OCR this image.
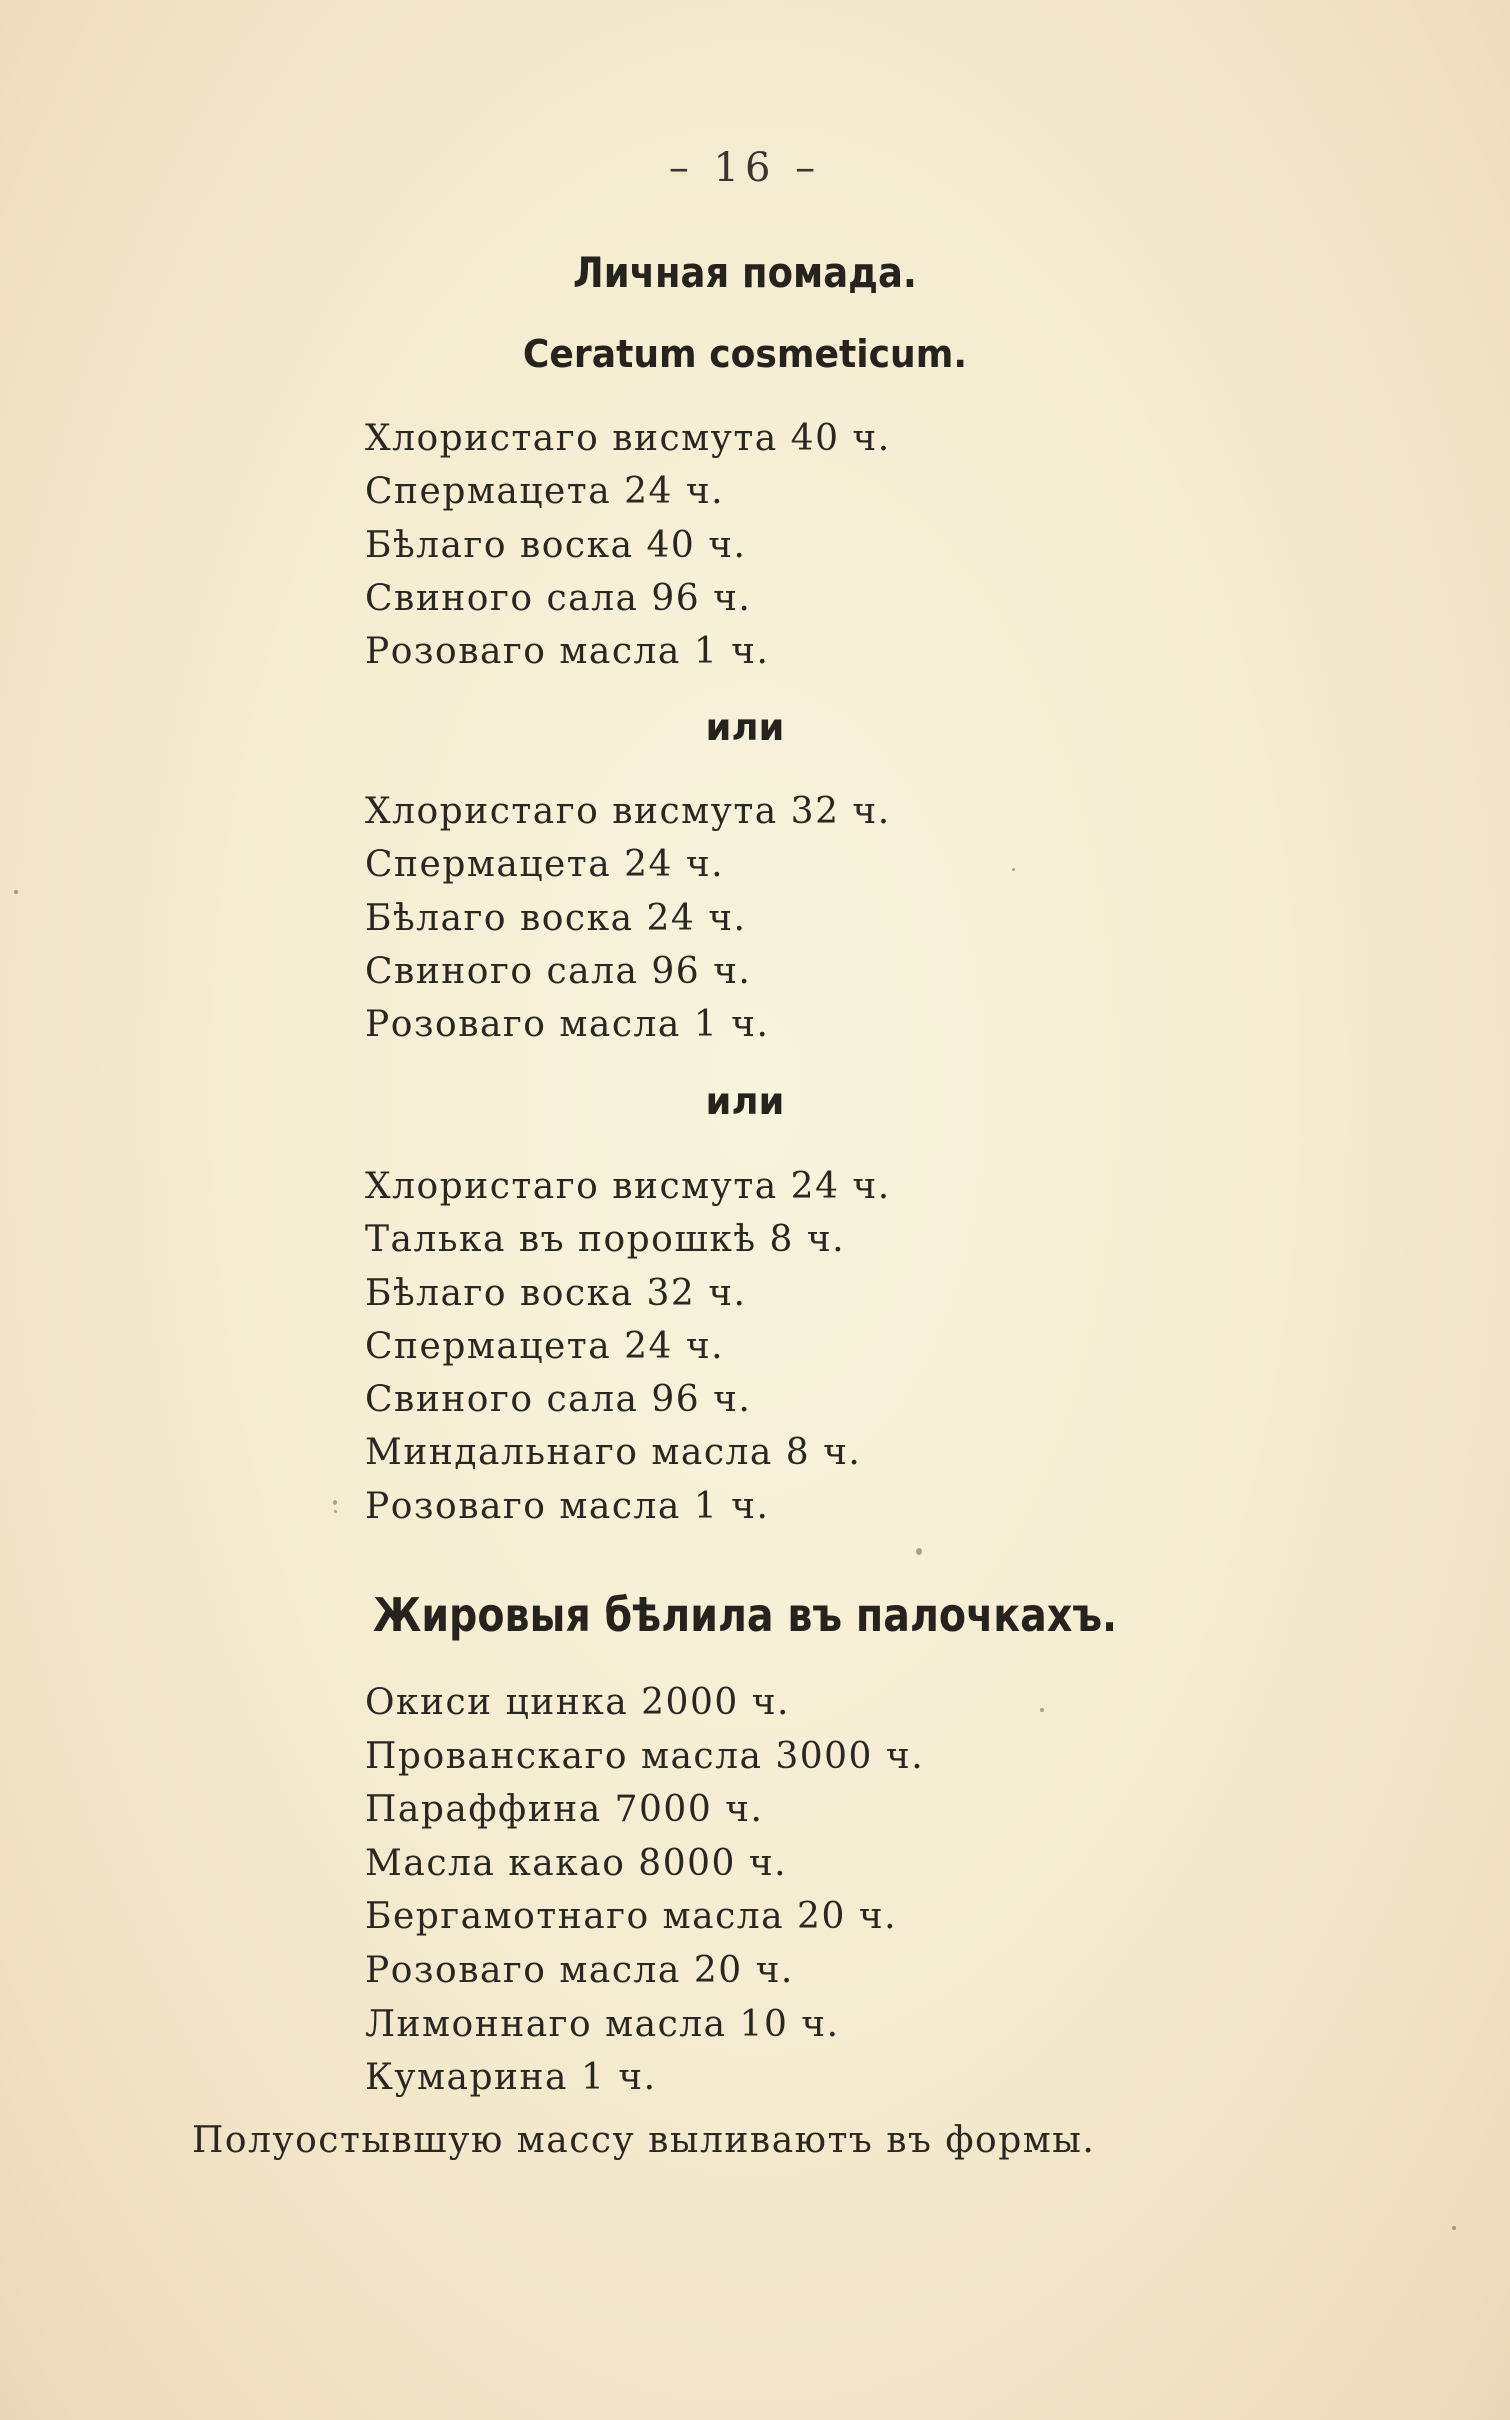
– 16 –
Личная помада.
Ceratum cosmeticum.
Хлористаго висмута 40 ч.
Спермацета 24 ч.
Бѣлаго воска 40 ч.
Свиного сала 96 ч.
Розоваго масла 1 ч.
или
Хлористаго висмута 32 ч.
Спермацета 24 ч.
Бѣлаго воска 24 ч.
Свиного сала 96 ч.
Розоваго масла 1 ч.
или
Хлористаго висмута 24 ч.
Талька въ порошкѣ 8 ч.
Бѣлаго воска 32 ч.
Спермацета 24 ч.
Свиного сала 96 ч.
Миндальнаго масла 8 ч.
Розоваго масла 1 ч.
Жировыя бѣлила въ палочкахъ.
Окиси цинка 2000 ч.
Прованскаго масла 3000 ч.
Параффина 7000 ч.
Масла какао 8000 ч.
Бергамотнаго масла 20 ч.
Розоваго масла 20 ч.
Лимоннаго масла 10 ч.
Кумарина 1 ч.
Полуостывшую массу выливаютъ въ формы.
